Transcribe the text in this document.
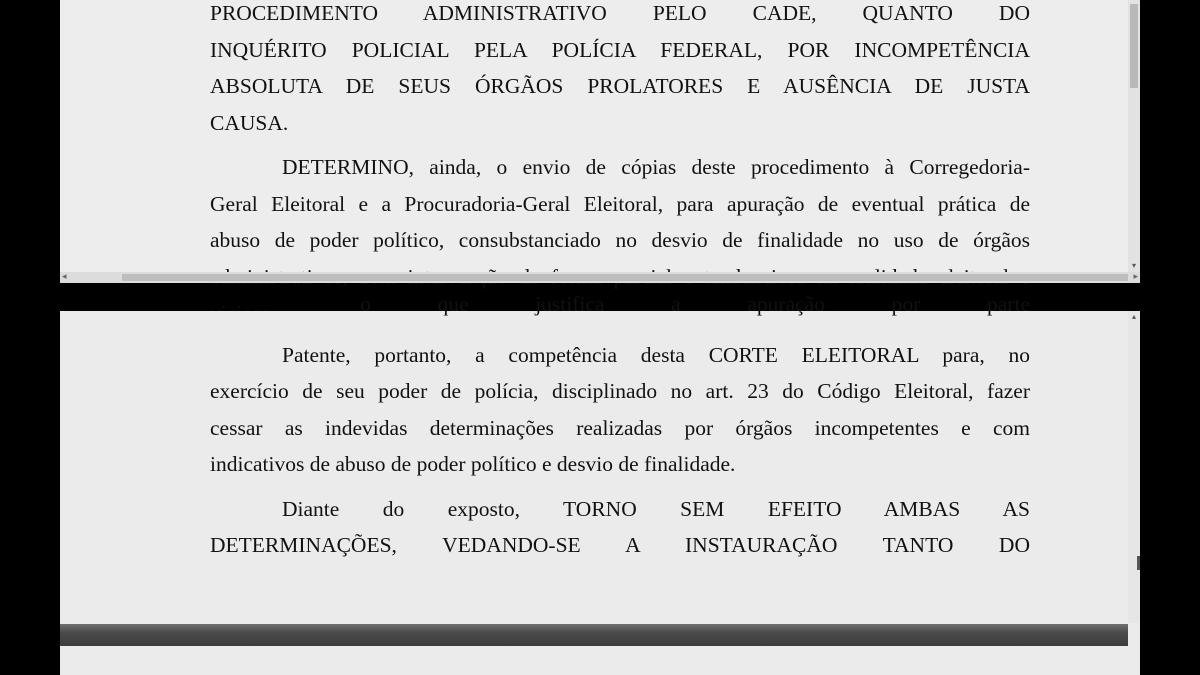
PROCEDIMENTO ADMINISTRATIVO PELO CADE, QUANTO DO

INQUÉRITO POLICIAL PELA POLÍCIA FEDERAL, POR INCOMPETÊNCIA

ABSOLUTA DE SEUS ÓRGÃOS PROLATORES E AUSÊNCIA DE JUSTA

CAUSA.

DETERMINO, ainda, o envio de cópias deste procedimento à Corregedoria-

Geral Eleitoral e a Procuradoria-Geral Eleitoral, para apuração de eventual prática de

abuso de poder político, consubstanciado no desvio de finalidade no uso de órgãos

▾
◂	▸

o que justifica a apuração por parte

Patente, portanto, a competência desta CORTE ELEITORAL para, no

exercício de seu poder de polícia, disciplinado no art. 23 do Código Eleitoral, fazer

cessar as indevidas determinações realizadas por órgãos incompetentes e com

indicativos de abuso de poder político e desvio de finalidade.

Diante do exposto, TORNO SEM EFEITO AMBAS AS

DETERMINAÇÕES, VEDANDO-SE A INSTAURAÇÃO TANTO DO

▴
